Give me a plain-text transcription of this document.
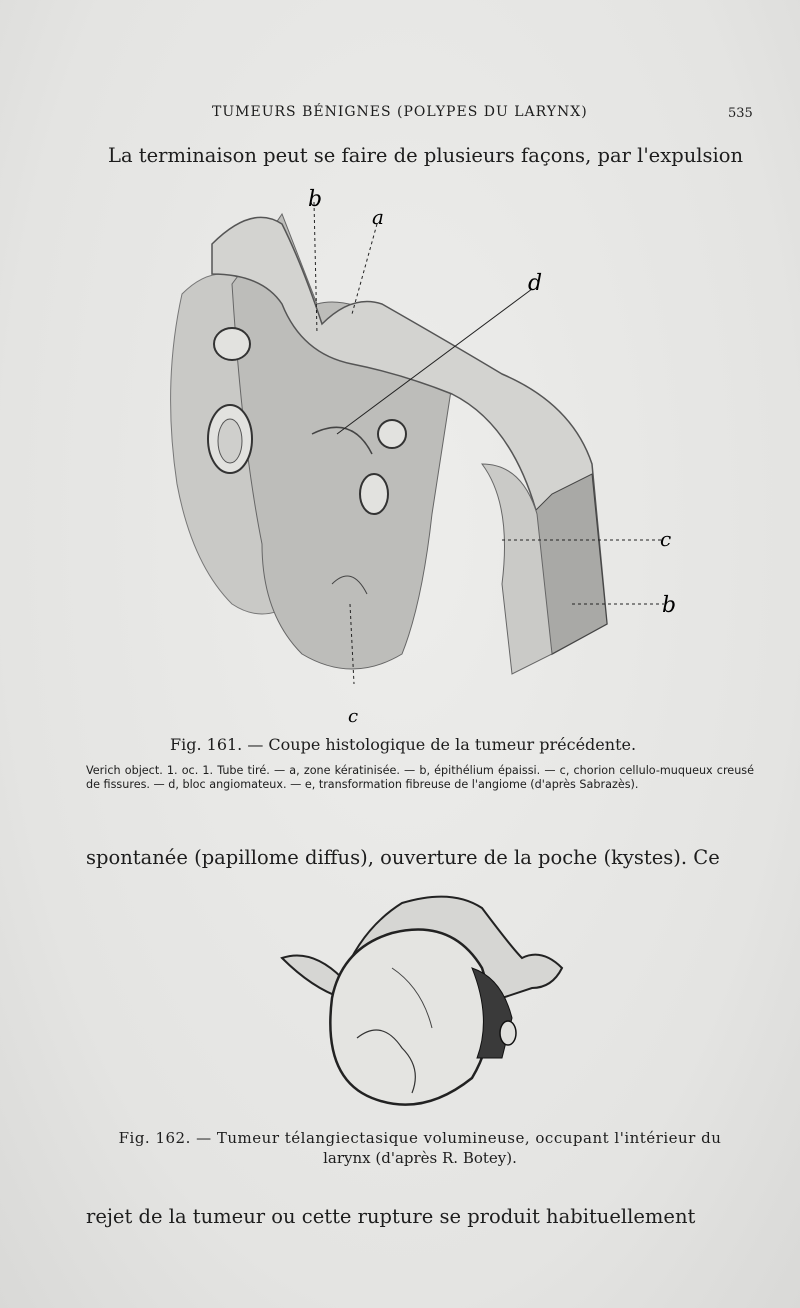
TUMEURS BÉNIGNES (POLYPES DU LARYNX)	535
La terminaison peut se faire de plusieurs façons, par l'expulsion
b
a
d
c
b
c
Fig. 161. — Coupe histologique de la tumeur précédente.
Verich object. 1. oc. 1. Tube tiré. — a, zone kératinisée. — b, épithélium épaissi. — c, chorion cellulo-muqueux creusé de fissures. — d, bloc angiomateux. — e, transformation fibreuse de l'angiome (d'après Sabrazès).
spontanée (papillome diffus), ouverture de la poche (kystes). Ce
Fig. 162. — Tumeur télangiectasique volumineuse, occupant l'intérieur du
larynx (d'après R. Botey).
rejet de la tumeur ou cette rupture se produit habituellement
